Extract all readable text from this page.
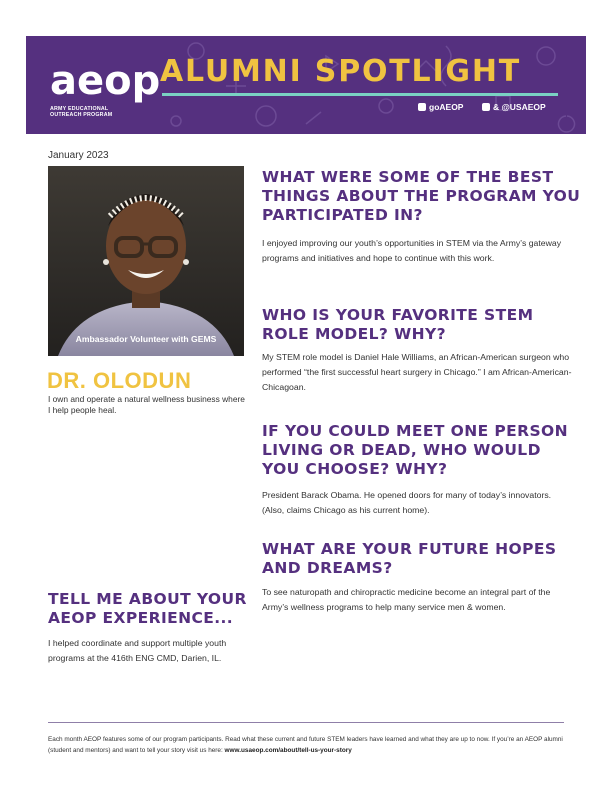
aeop
ARMY EDUCATIONAL
OUTREACH PROGRAM
usaeop.com
ALUMNI SPOTLIGHT
goAEOP	& @USAEOP
January 2023
Ambassador Volunteer with GEMS
DR. OLODUN
I own and operate a natural wellness business where I help people heal.
WHAT WERE SOME OF THE BEST THINGS ABOUT THE PROGRAM YOU PARTICIPATED IN?
I enjoyed improving our youth’s opportunities in STEM via the Army’s gateway programs and initiatives and hope to continue with this work.
WHO IS YOUR FAVORITE STEM ROLE MODEL? WHY?
My STEM role model is Daniel Hale Williams, an African-American surgeon who performed “the first successful heart surgery in Chicago.” I am African-American-Chicagoan.
IF YOU COULD MEET ONE PERSON LIVING OR DEAD, WHO WOULD YOU CHOOSE? WHY?
President Barack Obama. He opened doors for many of today’s innovators. (Also, claims Chicago as his current home).
WHAT ARE YOUR FUTURE HOPES AND DREAMS?
To see naturopath and chiropractic medicine become an integral part of the Army’s wellness programs to help many service men & women.
TELL ME ABOUT YOUR AEOP EXPERIENCE...
I helped coordinate and support multiple youth programs at the 416th ENG CMD, Darien, IL.
Each month AEOP features some of our program participants. Read what these current and future STEM leaders have learned and what they are up to now. If you’re an AEOP alumni (student and mentors) and want to tell your story visit us here: www.usaeop.com/about/tell-us-your-story
